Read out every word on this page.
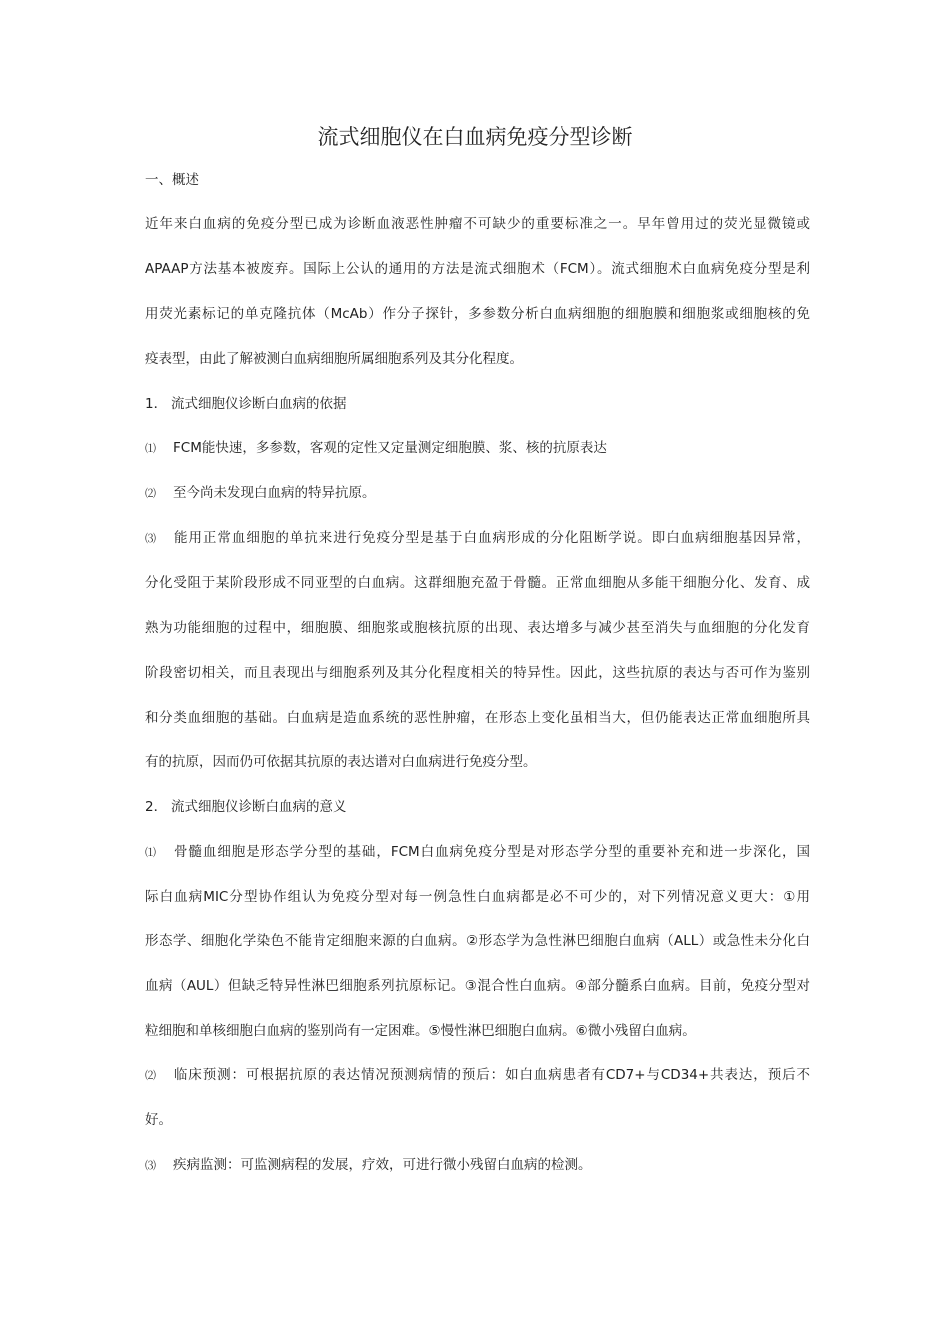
流式细胞仪在白血病免疫分型诊断
一、概述
近年来白血病的免疫分型已成为诊断血液恶性肿瘤不可缺少的重要标准之一。早年曾用过的荧光显微镜或
APAAP方法基本被废弃。国际上公认的通用的方法是流式细胞术（FCM）。流式细胞术白血病免疫分型是利
用荧光素标记的单克隆抗体（McAb）作分子探针，多参数分析白血病细胞的细胞膜和细胞浆或细胞核的免
疫表型，由此了解被测白血病细胞所属细胞系列及其分化程度。
1． 流式细胞仪诊断白血病的依据
⑴ FCM能快速，多参数，客观的定性又定量测定细胞膜、浆、核的抗原表达
⑵ 至今尚未发现白血病的特异抗原。
⑶ 能用正常血细胞的单抗来进行免疫分型是基于白血病形成的分化阻断学说。即白血病细胞基因异常，
分化受阻于某阶段形成不同亚型的白血病。这群细胞充盈于骨髓。正常血细胞从多能干细胞分化、发育、成
熟为功能细胞的过程中，细胞膜、细胞浆或胞核抗原的出现、表达增多与减少甚至消失与血细胞的分化发育
阶段密切相关，而且表现出与细胞系列及其分化程度相关的特异性。因此，这些抗原的表达与否可作为鉴别
和分类血细胞的基础。白血病是造血系统的恶性肿瘤，在形态上变化虽相当大，但仍能表达正常血细胞所具
有的抗原，因而仍可依据其抗原的表达谱对白血病进行免疫分型。
2． 流式细胞仪诊断白血病的意义
⑴ 骨髓血细胞是形态学分型的基础，FCM白血病免疫分型是对形态学分型的重要补充和进一步深化，国
际白血病MIC分型协作组认为免疫分型对每一例急性白血病都是必不可少的，对下列情况意义更大：①用
形态学、细胞化学染色不能肯定细胞来源的白血病。②形态学为急性淋巴细胞白血病（ALL）或急性未分化白
血病（AUL）但缺乏特异性淋巴细胞系列抗原标记。③混合性白血病。④部分髓系白血病。目前，免疫分型对
粒细胞和单核细胞白血病的鉴别尚有一定困难。⑤慢性淋巴细胞白血病。⑥微小残留白血病。
⑵ 临床预测：可根据抗原的表达情况预测病情的预后：如白血病患者有CD7+与CD34+共表达，预后不
好。
⑶ 疾病监测：可监测病程的发展，疗效，可进行微小残留白血病的检测。
